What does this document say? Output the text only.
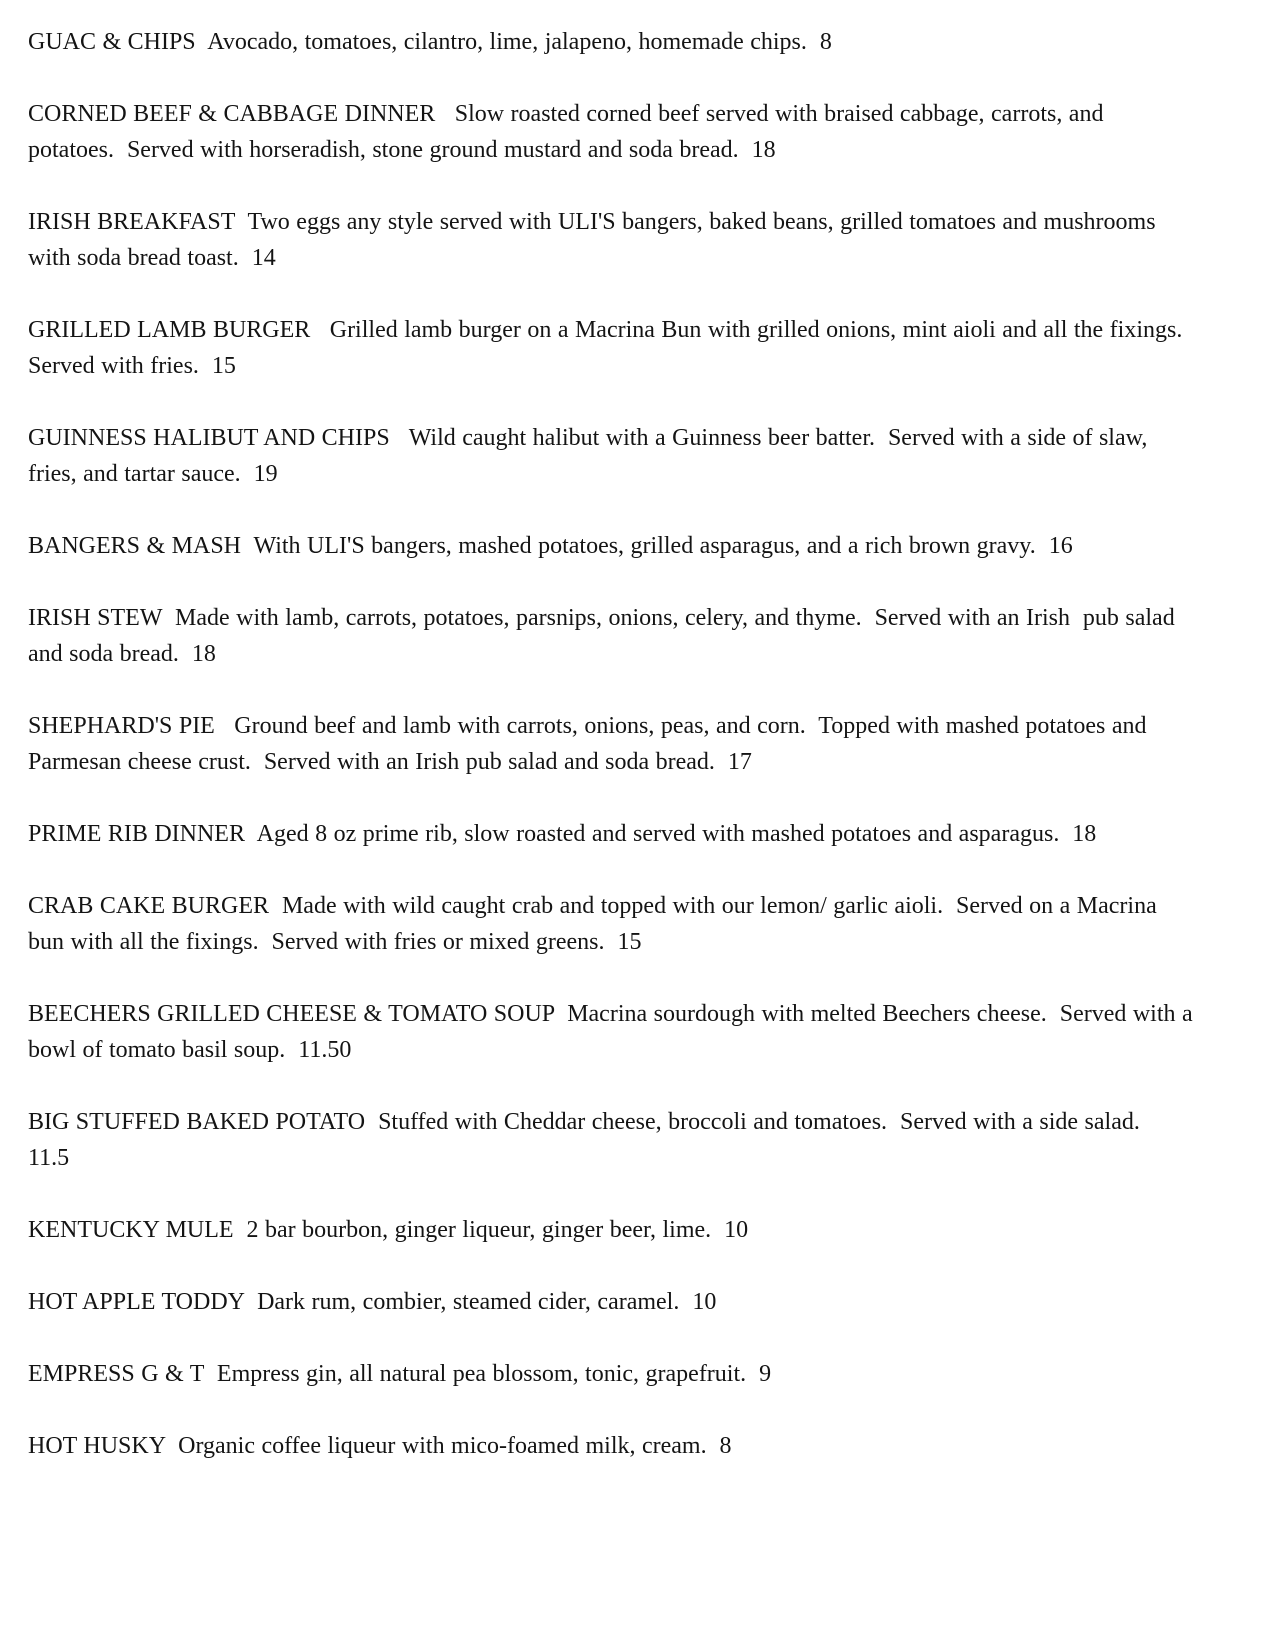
GUAC & CHIPS  Avocado, tomatoes, cilantro, lime, jalapeno, homemade chips.  8

CORNED BEEF & CABBAGE DINNER   Slow roasted corned beef served with braised cabbage, carrots, and potatoes.  Served with horseradish, stone ground mustard and soda bread.  18

IRISH BREAKFAST  Two eggs any style served with ULI'S bangers, baked beans, grilled tomatoes and mushrooms with soda bread toast.  14

GRILLED LAMB BURGER   Grilled lamb burger on a Macrina Bun with grilled onions, mint aioli and all the fixings.  Served with fries.  15

GUINNESS HALIBUT AND CHIPS   Wild caught halibut with a Guinness beer batter.  Served with a side of slaw, fries, and tartar sauce.  19

BANGERS & MASH  With ULI'S bangers, mashed potatoes, grilled asparagus, and a rich brown gravy.  16

IRISH STEW  Made with lamb, carrots, potatoes, parsnips, onions, celery, and thyme.  Served with an Irish  pub salad and soda bread.  18

SHEPHARD'S PIE   Ground beef and lamb with carrots, onions, peas, and corn.  Topped with mashed potatoes and Parmesan cheese crust.  Served with an Irish pub salad and soda bread.  17

PRIME RIB DINNER  Aged 8 oz prime rib, slow roasted and served with mashed potatoes and asparagus.  18

CRAB CAKE BURGER  Made with wild caught crab and topped with our lemon/ garlic aioli.  Served on a Macrina bun with all the fixings.  Served with fries or mixed greens.  15

BEECHERS GRILLED CHEESE & TOMATO SOUP  Macrina sourdough with melted Beechers cheese.  Served with a bowl of tomato basil soup.  11.50

BIG STUFFED BAKED POTATO  Stuffed with Cheddar cheese, broccoli and tomatoes.  Served with a side salad.  11.5

KENTUCKY MULE  2 bar bourbon, ginger liqueur, ginger beer, lime.  10

HOT APPLE TODDY  Dark rum, combier, steamed cider, caramel.  10

EMPRESS G & T  Empress gin, all natural pea blossom, tonic, grapefruit.  9

HOT HUSKY  Organic coffee liqueur with mico-foamed milk, cream.  8
